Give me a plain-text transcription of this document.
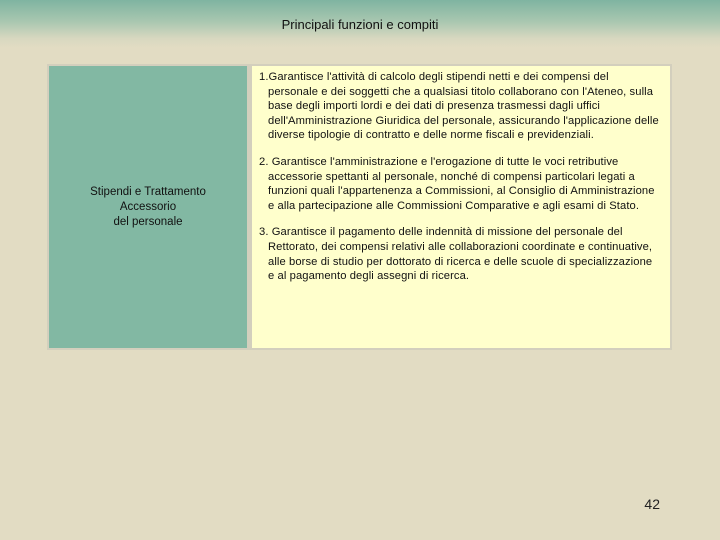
Principali funzioni e compiti
Stipendi e Trattamento
Accessorio
del personale

1.Garantisce l'attività di calcolo degli stipendi netti e dei compensi del personale e dei soggetti che a qualsiasi titolo collaborano con l'Ateneo, sulla base degli importi lordi e dei dati di presenza trasmessi dagli uffici dell'Amministrazione Giuridica del personale, assicurando l'applicazione delle diverse tipologie di contratto e delle norme fiscali e previdenziali.

2. Garantisce l'amministrazione e l'erogazione di tutte le voci retributive accessorie spettanti al personale, nonché di compensi particolari legati a funzioni quali l'appartenenza a Commissioni, al Consiglio di Amministrazione e alla partecipazione alle Commissioni Comparative e agli esami di Stato.

3. Garantisce il pagamento delle indennità di missione del personale del Rettorato, dei compensi relativi alle collaborazioni coordinate e continuative, alle borse di studio per dottorato di ricerca e delle scuole di specializzazione e al pagamento degli assegni di ricerca.

42
